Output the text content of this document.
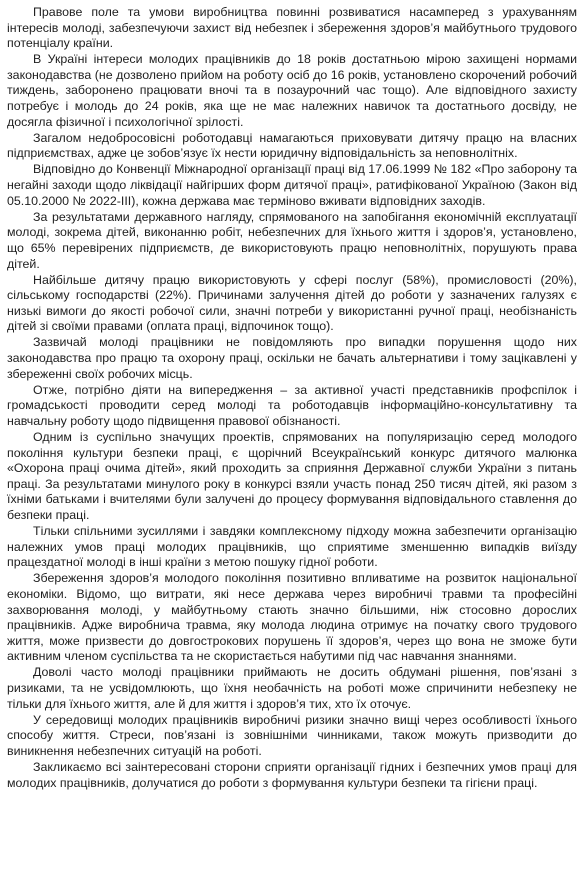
Правове поле та умови виробництва повинні розвиватися насамперед з урахуванням інтересів молоді, забезпечуючи захист від небезпек і збереження здоров’я майбутнього трудового потенціалу країни.

В Україні інтереси молодих працівників до 18 років достатньою мірою захищені нормами законодавства (не дозволено прийом на роботу осіб до 16 років, установлено скорочений робочий тиждень, заборонено працювати вночі та в позаурочний час тощо). Але відповідного захисту потребує і молодь до 24 років, яка ще не має належних навичок та достатнього досвіду, не досягла фізичної і психологічної зрілості.

Загалом недобросовісні роботодавці намагаються приховувати дитячу працю на власних підприємствах, адже це зобов’язує їх нести юридичну відповідальність за неповнолітніх.

Відповідно до Конвенції Міжнародної організації праці від 17.06.1999 № 182 «Про заборону та негайні заходи щодо ліквідації найгірших форм дитячої праці», ратифікованої Україною (Закон від 05.10.2000 № 2022-III), кожна держава має терміново вживати відповідних заходів.

За результатами державного нагляду, спрямованого на запобігання економічній експлуатації молоді, зокрема дітей, виконанню робіт, небезпечних для їхнього життя і здоров’я, установлено, що 65% перевірених підприємств, де використовують працю неповнолітніх, порушують права дітей.

Найбільше дитячу працю використовують у сфері послуг (58%), промисловості (20%), сільському господарстві (22%). Причинами залучення дітей до роботи у зазначених галузях є низькі вимоги до якості робочої сили, значні потреби у використанні ручної праці, необізнаність дітей зі своїми правами (оплата праці, відпочинок тощо).

Зазвичай молоді працівники не повідомляють про випадки порушення щодо них законодавства про працю та охорону праці, оскільки не бачать альтернативи і тому зацікавлені у збереженні своїх робочих місць.

Отже, потрібно діяти на випередження – за активної участі представників профспілок і громадськості проводити серед молоді та роботодавців інформаційно-консультативну та навчальну роботу щодо підвищення правової обізнаності.

Одним із суспільно значущих проектів, спрямованих на популяризацію серед молодого покоління культури безпеки праці, є щорічний Всеукраїнський конкурс дитячого малюнка «Охорона праці очима дітей», який проходить за сприяння Державної служби України з питань праці. За результатами минулого року в конкурсі взяли участь понад 250 тисяч дітей, які разом з їхніми батьками і вчителями були залучені до процесу формування відповідального ставлення до безпеки праці.

Тільки спільними зусиллями і завдяки комплексному підходу можна забезпечити організацію належних умов праці молодих працівників, що сприятиме зменшенню випадків виїзду працездатної молоді в інші країни з метою пошуку гідної роботи.

Збереження здоров’я молодого покоління позитивно впливатиме на розвиток національної економіки. Відомо, що витрати, які несе держава через виробничі травми та професійні захворювання молоді, у майбутньому стають значно більшими, ніж стосовно дорослих працівників. Адже виробнича травма, яку молода людина отримує на початку свого трудового життя, може призвести до довгострокових порушень її здоров’я, через що вона не зможе бути активним членом суспільства та не скористається набутими під час навчання знаннями.

Доволі часто молоді працівники приймають не досить обдумані рішення, пов’язані з ризиками, та не усвідомлюють, що їхня необачність на роботі може спричинити небезпеку не тільки для їхнього життя, але й для життя і здоров’я тих, хто їх оточує.

У середовищі молодих працівників виробничі ризики значно вищі через особливості їхнього способу життя. Стреси, пов’язані із зовнішніми чинниками, також можуть призводити до виникнення небезпечних ситуацій на роботі.

Закликаємо всі заінтересовані сторони сприяти організації гідних і безпечних умов праці для молодих працівників, долучатися до роботи з формування культури безпеки та гігієни праці.
